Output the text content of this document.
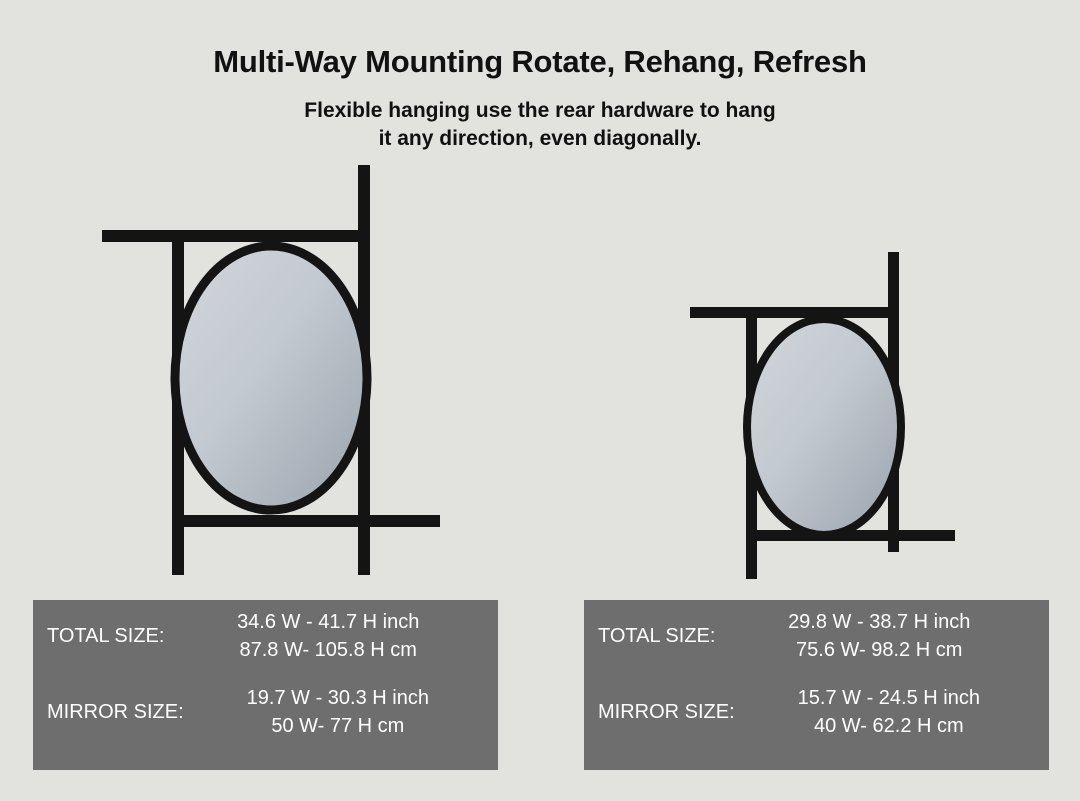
Multi-Way Mounting Rotate, Rehang, Refresh
Flexible hanging use the rear hardware to hang
it any direction, even diagonally.
TOTAL SIZE:
34.6 W - 41.7 H inch
87.8 W- 105.8 H cm
MIRROR SIZE:
19.7 W - 30.3 H inch
50 W- 77 H cm
TOTAL SIZE:
29.8 W - 38.7 H inch
75.6 W- 98.2 H cm
MIRROR SIZE:
15.7 W - 24.5 H inch
40 W- 62.2 H cm
